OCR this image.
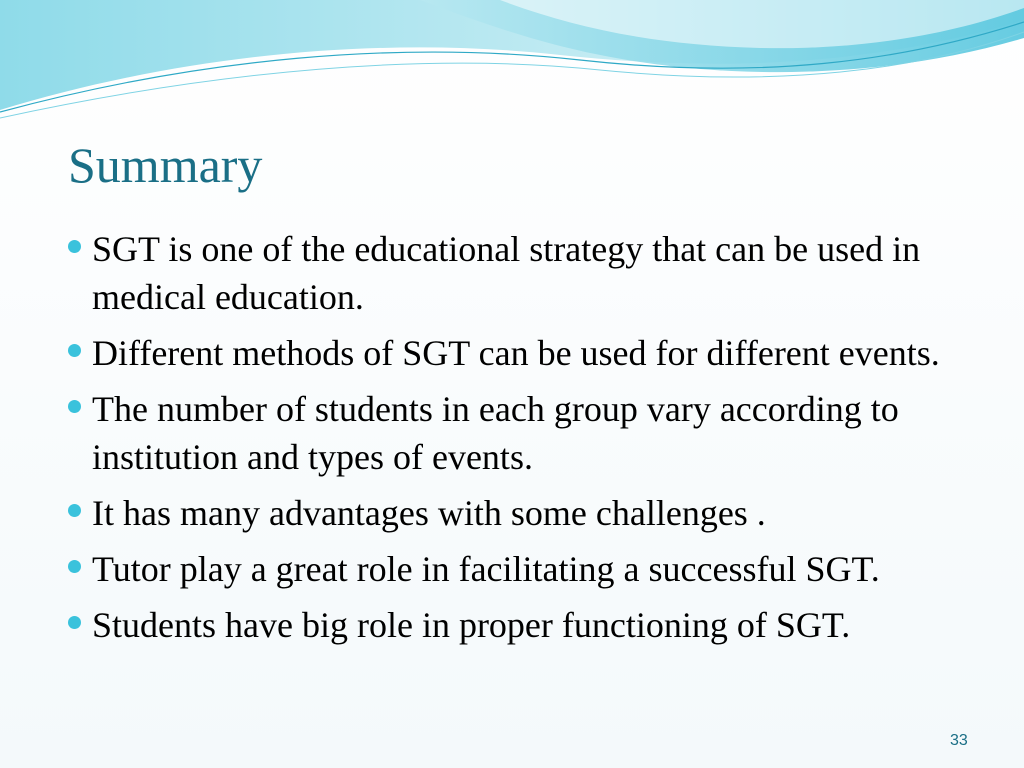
Summary
SGT is one of the educational strategy that can be used in medical education.
Different methods of SGT can be used for different events.
The number of students in each group vary according to institution and types of events.
It has many advantages with some challenges .
Tutor play a great role in facilitating a successful SGT.
Students have big role in proper functioning of SGT.
33
